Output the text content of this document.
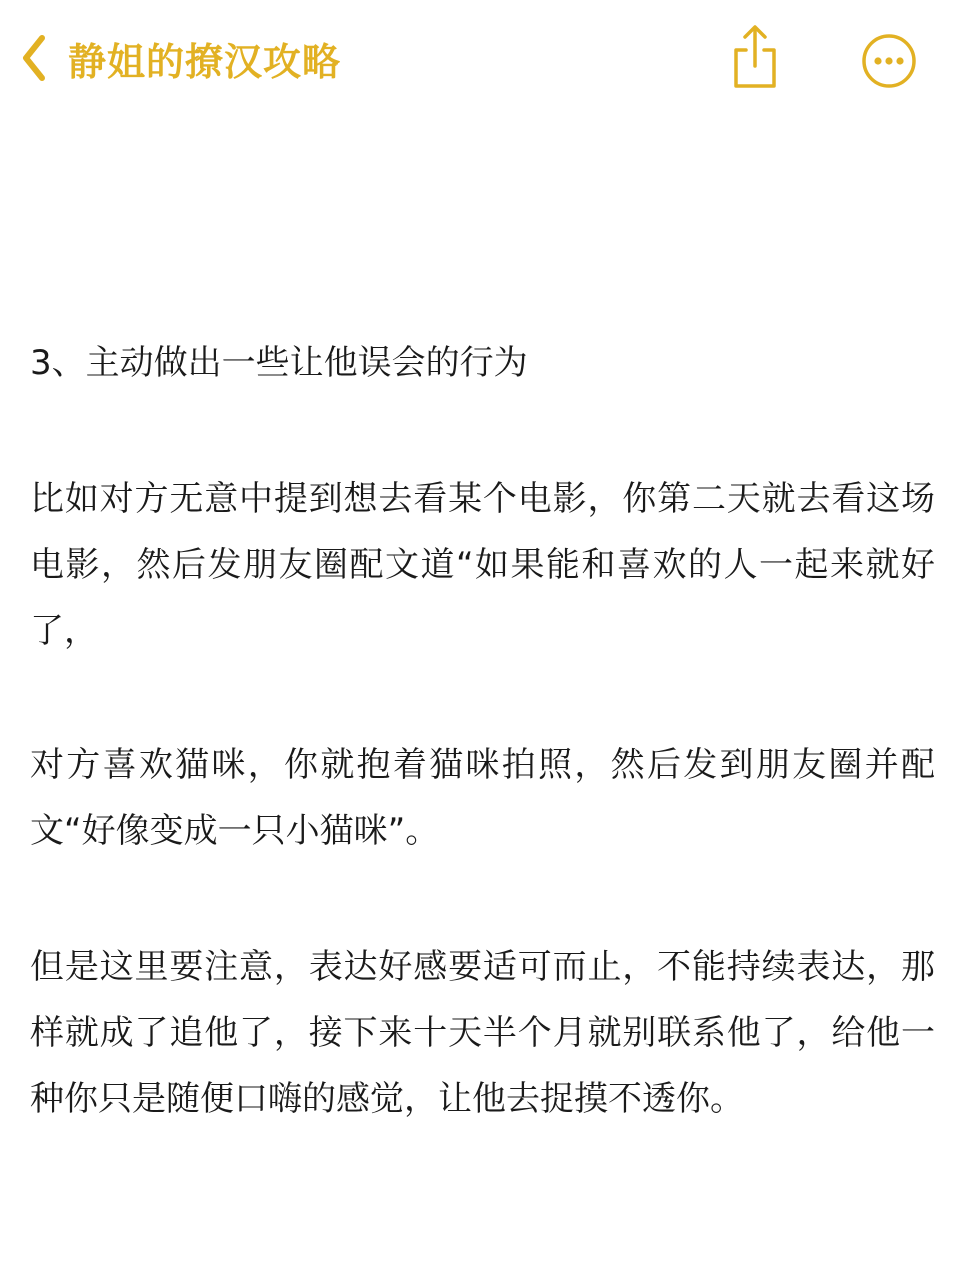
静姐的撩汉攻略

3、主动做出一些让他误会的行为

比如对方无意中提到想去看某个电影，你第二天就去看这场电影，然后发朋友圈配文道“如果能和喜欢的人一起来就好了，

对方喜欢猫咪，你就抱着猫咪拍照，然后发到朋友圈并配文“好像变成一只小猫咪”。

但是这里要注意，表达好感要适可而止，不能持续表达，那样就成了追他了，接下来十天半个月就别联系他了，给他一种你只是随便口嗨的感觉，让他去捉摸不透你。
